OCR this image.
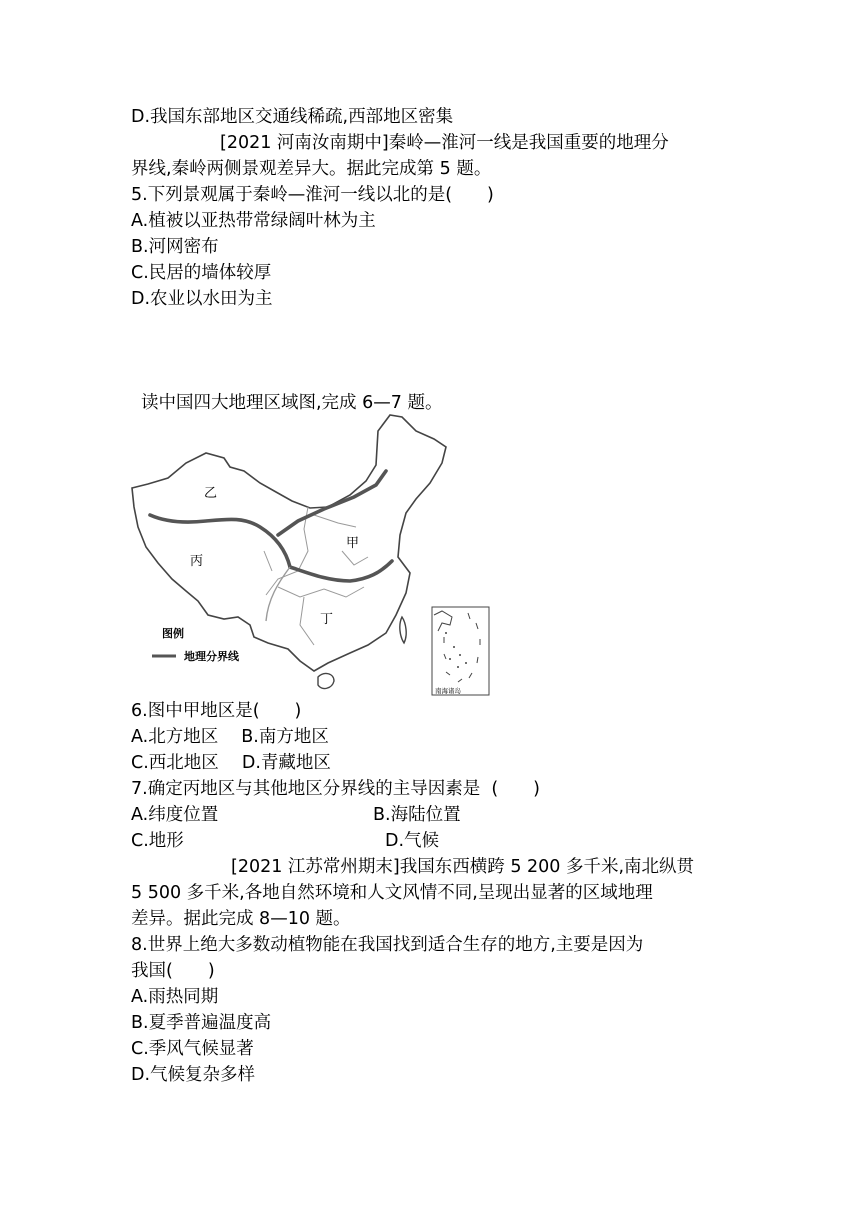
D.我国东部地区交通线稀疏,西部地区密集
[2021 河南汝南期中]秦岭—淮河一线是我国重要的地理分
界线,秦岭两侧景观差异大。据此完成第 5 题。
5.下列景观属于秦岭—淮河一线以北的是(　　)
A.植被以亚热带常绿阔叶林为主
B.河网密布
C.民居的墙体较厚
D.农业以水田为主
读中国四大地理区域图,完成 6—7 题。
乙
丙
甲
丁
图例
地理分界线
南海诸岛
6.图中甲地区是(　　)
A.北方地区　 B.南方地区
C.西北地区　 D.青藏地区
7.确定丙地区与其他地区分界线的主导因素是  (　　)
A.纬度位置	B.海陆位置
C.地形	D.气候
[2021 江苏常州期末]我国东西横跨 5 200 多千米,南北纵贯
5 500 多千米,各地自然环境和人文风情不同,呈现出显著的区域地理
差异。据此完成 8—10 题。
8.世界上绝大多数动植物能在我国找到适合生存的地方,主要是因为
我国(　　)
A.雨热同期
B.夏季普遍温度高
C.季风气候显著
D.气候复杂多样
